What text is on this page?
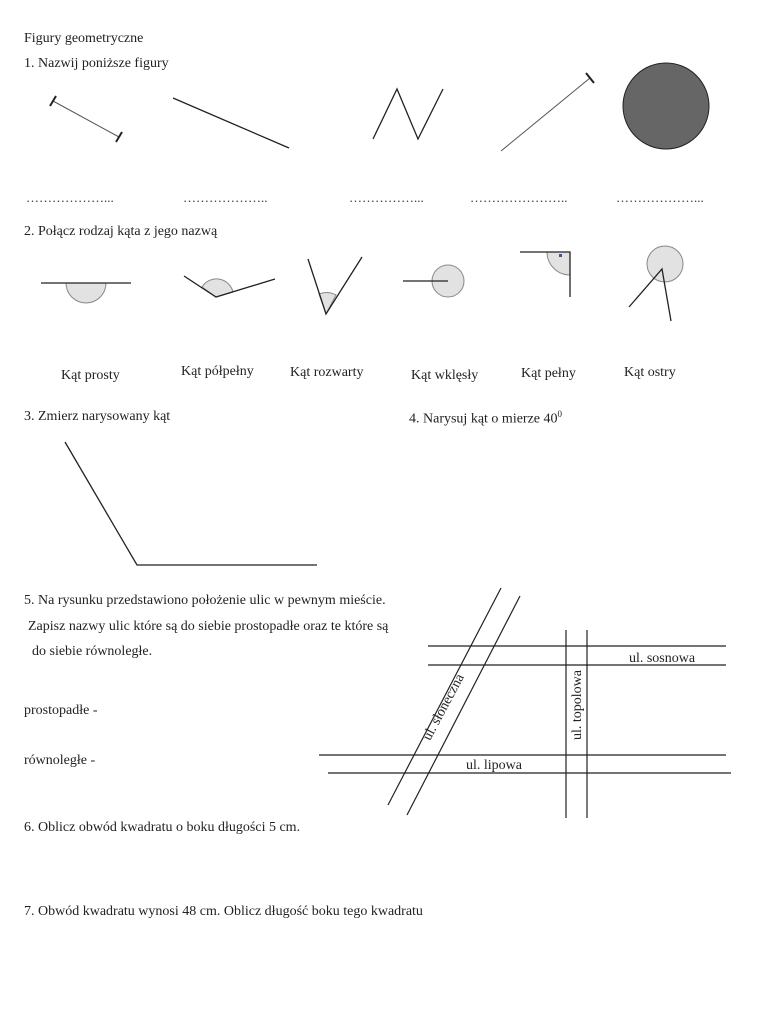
Figury geometryczne
1. Nazwij poniższe figury
………………...	………………..	……………...	…………………..	………………...
2. Połącz rodzaj kąta z jego nazwą
Kąt prosty	Kąt półpełny	Kąt rozwarty	Kąt wklęsły	Kąt pełny	Kąt ostry
3. Zmierz narysowany kąt	4. Narysuj kąt o mierze $40^0$
5. Na rysunku przedstawiono położenie ulic w pewnym mieście.
Zapisz nazwy ulic które są do siebie prostopadłe oraz te które są
do siebie równoległe.
prostopadłe -
równoległe -
ul. słoneczna	ul. topolowa
ul. sosnowa
ul. lipowa
6. Oblicz obwód kwadratu o boku długości 5 cm.
7. Obwód kwadratu wynosi 48 cm. Oblicz długość boku tego kwadratu
